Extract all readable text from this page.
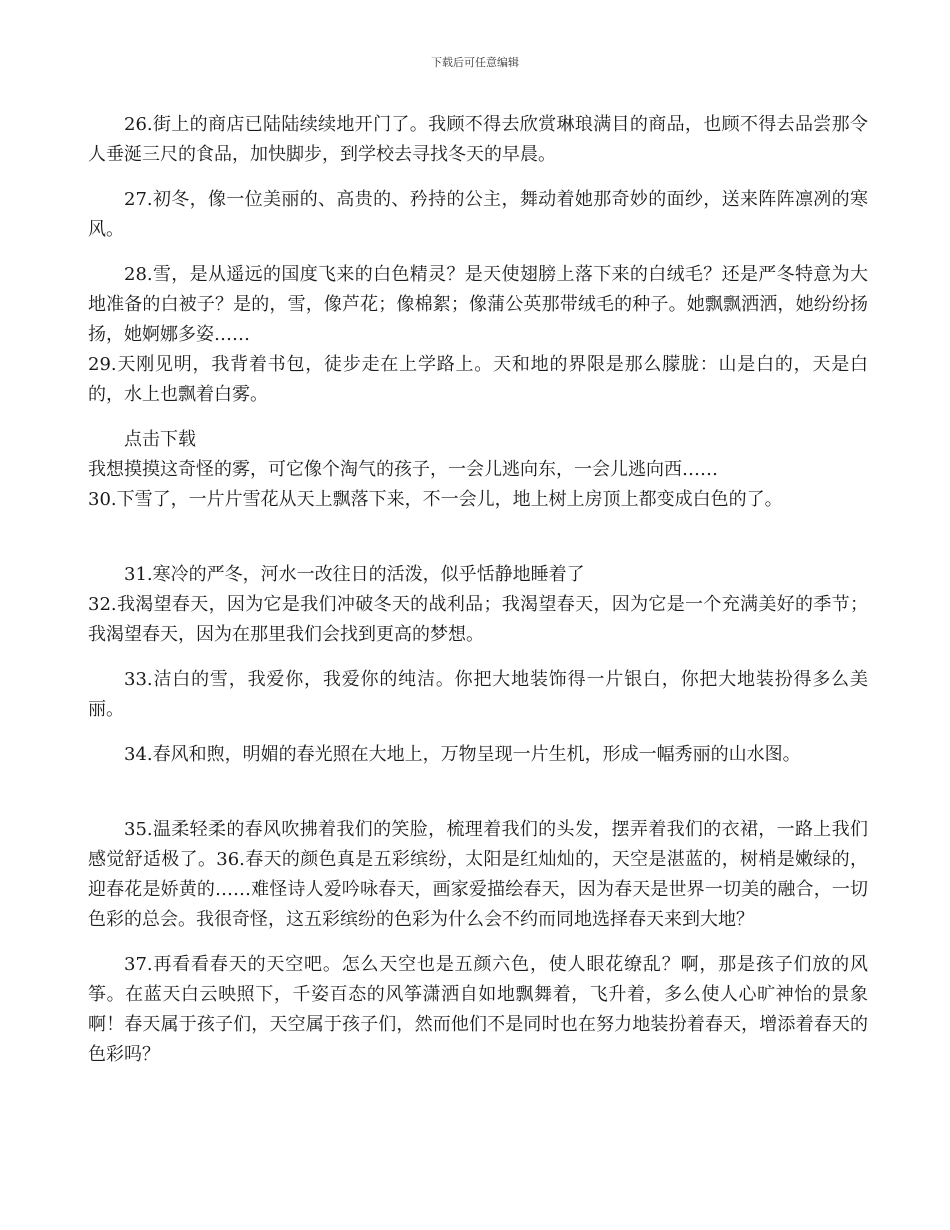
下载后可任意编辑

26.街上的商店已陆陆续续地开门了。我顾不得去欣赏琳琅满目的商品，也顾不得去品尝那令人垂涎三尺的食品，加快脚步，到学校去寻找冬天的早晨。

27.初冬，像一位美丽的、高贵的、矜持的公主，舞动着她那奇妙的面纱，送来阵阵凛冽的寒风。

28.雪，是从遥远的国度飞来的白色精灵？是天使翅膀上落下来的白绒毛？还是严冬特意为大地准备的白被子？是的，雪，像芦花；像棉絮；像蒲公英那带绒毛的种子。她飘飘洒洒，她纷纷扬扬，她婀娜多姿……

29.天刚见明，我背着书包，徒步走在上学路上。天和地的界限是那么朦胧：山是白的，天是白的，水上也飘着白雾。

点击下载

我想摸摸这奇怪的雾，可它像个淘气的孩子，一会儿逃向东，一会儿逃向西……

30.下雪了，一片片雪花从天上飘落下来，不一会儿，地上树上房顶上都变成白色的了。

31.寒冷的严冬，河水一改往日的活泼，似乎恬静地睡着了

32.我渴望春天，因为它是我们冲破冬天的战利品；我渴望春天，因为它是一个充满美好的季节；我渴望春天，因为在那里我们会找到更高的梦想。

33.洁白的雪，我爱你，我爱你的纯洁。你把大地装饰得一片银白，你把大地装扮得多么美丽。

34.春风和煦，明媚的春光照在大地上，万物呈现一片生机，形成一幅秀丽的山水图。

35.温柔轻柔的春风吹拂着我们的笑脸，梳理着我们的头发，摆弄着我们的衣裙，一路上我们感觉舒适极了。36.春天的颜色真是五彩缤纷，太阳是红灿灿的，天空是湛蓝的，树梢是嫩绿的，迎春花是娇黄的……难怪诗人爱吟咏春天，画家爱描绘春天，因为春天是世界一切美的融合，一切色彩的总会。我很奇怪，这五彩缤纷的色彩为什么会不约而同地选择春天来到大地？

37.再看看春天的天空吧。怎么天空也是五颜六色，使人眼花缭乱？啊，那是孩子们放的风筝。在蓝天白云映照下，千姿百态的风筝潇洒自如地飘舞着，飞升着，多么使人心旷神怡的景象啊！春天属于孩子们，天空属于孩子们，然而他们不是同时也在努力地装扮着春天，增添着春天的色彩吗？
